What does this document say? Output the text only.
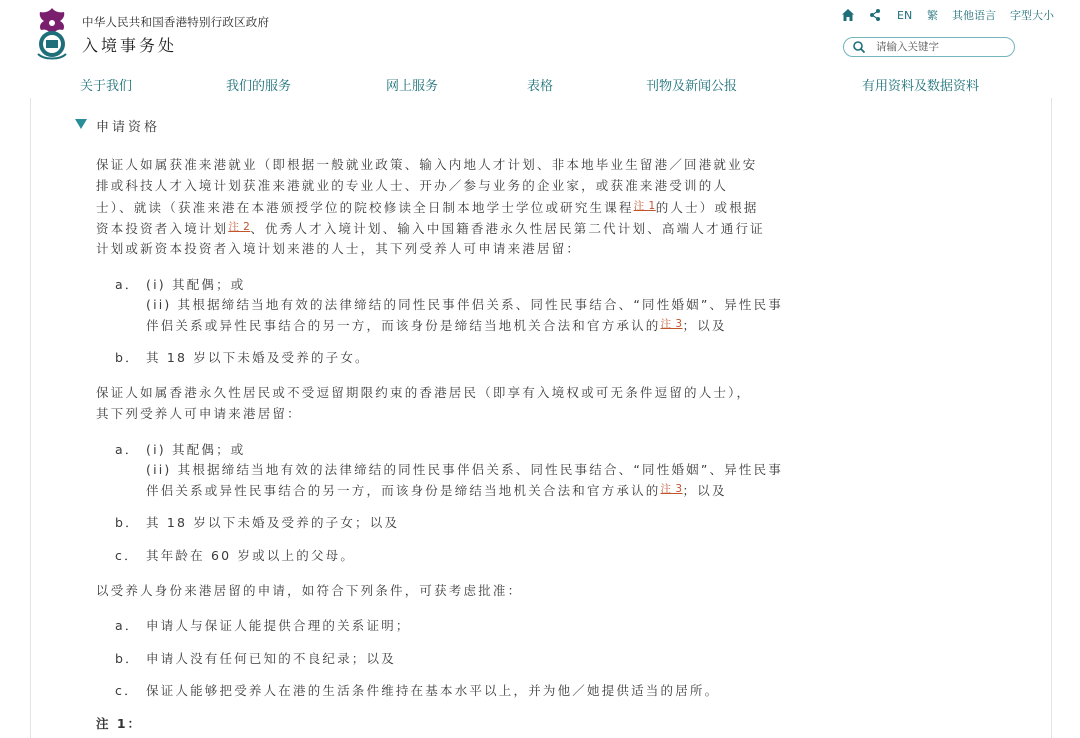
中华人民共和国香港特别行政区政府
入境事务处
EN 繁 其他语言 字型大小
请输入关键字
关于我们	我们的服务	网上服务	表格	刊物及新闻公报	有用资料及数据资料
申请资格
保证人如属获准来港就业（即根据一般就业政策、输入内地人才计划、非本地毕业生留港／回港就业安
排或科技人才入境计划获准来港就业的专业人士、开办／参与业务的企业家，或获准来港受训的人
士）、就读（获准来港在本港颁授学位的院校修读全日制本地学士学位或研究生课程$^{注 1}$的人士）或根据
资本投资者入境计划$^{注 2}$、优秀人才入境计划、输入中国籍香港永久性居民第二代计划、高端人才通行证
计划或新资本投资者入境计划来港的人士，其下列受养人可申请来港居留：
a． (i) 其配偶；或
(ii) 其根据缔结当地有效的法律缔结的同性民事伴侣关系、同性民事结合、“同性婚姻”、异性民事
伴侣关系或异性民事结合的另一方，而该身份是缔结当地机关合法和官方承认的$^{注 3}$；以及
b． 其 18 岁以下未婚及受养的子女。
保证人如属香港永久性居民或不受逗留期限约束的香港居民（即享有入境权或可无条件逗留的人士），
其下列受养人可申请来港居留：
a． (i) 其配偶；或
(ii) 其根据缔结当地有效的法律缔结的同性民事伴侣关系、同性民事结合、“同性婚姻”、异性民事
伴侣关系或异性民事结合的另一方，而该身份是缔结当地机关合法和官方承认的$^{注 3}$；以及
b． 其 18 岁以下未婚及受养的子女；以及
c． 其年龄在 60 岁或以上的父母。
以受养人身份来港居留的申请，如符合下列条件，可获考虑批准：
a． 申请人与保证人能提供合理的关系证明；
b． 申请人没有任何已知的不良纪录；以及
c． 保证人能够把受养人在港的生活条件维持在基本水平以上，并为他／她提供适当的居所。
注 1：
